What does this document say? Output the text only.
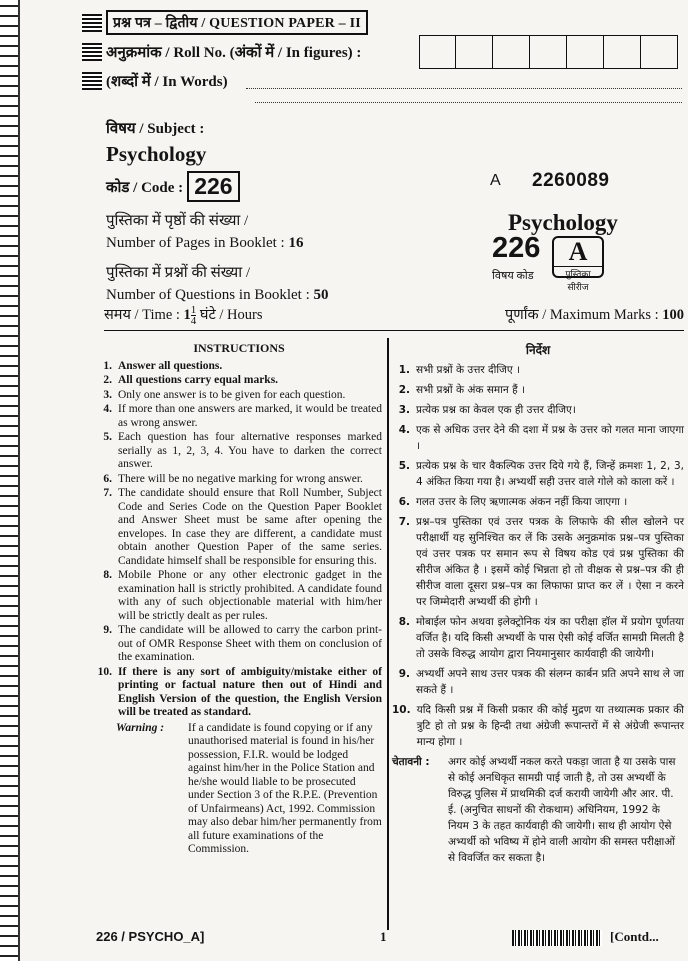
प्रश्न पत्र – द्वितीय / QUESTION PAPER – II
अनुक्रमांक / Roll No. (अंकों में / In figures) :
(शब्दों में / In Words)
विषय / Subject :
Psychology
कोड / Code : 226
पुस्तिका में पृष्ठों की संख्या /
Number of Pages in Booklet : 16
पुस्तिका में प्रश्नों की संख्या /
Number of Questions in Booklet : 50
A 2260089
Psychology
226
विषय कोड
A
पुस्तिका सीरीज
समय / Time : $1 \frac{1}{4}$ घंटे / Hours	पूर्णांक / Maximum Marks : 100
INSTRUCTIONS
1. Answer all questions.
2. All questions carry equal marks.
3. Only one answer is to be given for each question.
4. If more than one answers are marked, it would be treated as wrong answer.
5. Each question has four alternative responses marked serially as 1, 2, 3, 4. You have to darken the correct answer.
6. There will be no negative marking for wrong answer.
7. The candidate should ensure that Roll Number, Subject Code and Series Code on the Question Paper Booklet and Answer Sheet must be same after opening the envelopes. In case they are different, a candidate must obtain another Question Paper of the same series. Candidate himself shall be responsible for ensuring this.
8. Mobile Phone or any other electronic gadget in the examination hall is strictly prohibited. A candidate found with any of such objectionable material with him/her will be strictly dealt as per rules.
9. The candidate will be allowed to carry the carbon print-out of OMR Response Sheet with them on conclusion of the examination.
10. If there is any sort of ambiguity/mistake either of printing or factual nature then out of Hindi and English Version of the question, the English Version will be treated as standard.
Warning :	If a candidate is found copying or if any unauthorised material is found in his/her possession, F.I.R. would be lodged against him/her in the Police Station and he/she would liable to be prosecuted under Section 3 of the R.P.E. (Prevention of Unfairmeans) Act, 1992. Commission may also debar him/her permanently from all future examinations of the Commission.
निर्देश
1. सभी प्रश्नों के उत्तर दीजिए ।
2. सभी प्रश्नों के अंक समान हैं ।
3. प्रत्येक प्रश्न का केवल एक ही उत्तर दीजिए।
4. एक से अधिक उत्तर देने की दशा में प्रश्न के उत्तर को गलत माना जाएगा ।
5. प्रत्येक प्रश्न के चार वैकल्पिक उत्तर दिये गये हैं, जिन्हें क्रमशः 1, 2, 3, 4 अंकित किया गया है। अभ्यर्थी सही उत्तर वाले गोले को काला करें ।
6. गलत उत्तर के लिए ऋणात्मक अंकन नहीं किया जाएगा ।
7. प्रश्न–पत्र पुस्तिका एवं उत्तर पत्रक के लिफाफे की सील खोलने पर परीक्षार्थी यह सुनिश्चित कर लें कि उसके अनुक्रमांक प्रश्न–पत्र पुस्तिका एवं उत्तर पत्रक पर समान रूप से विषय कोड एवं प्रश्न पुस्तिका की सीरीज अंकित है । इसमें कोई भिन्नता हो तो वीक्षक से प्रश्न–पत्र की ही सीरीज वाला दूसरा प्रश्न–पत्र का लिफाफा प्राप्त कर लें । ऐसा न करने पर जिम्मेदारी अभ्यर्थी की होगी ।
8. मोबाईल फोन अथवा इलेक्ट्रोनिक यंत्र का परीक्षा हॉल में प्रयोग पूर्णतया वर्जित है। यदि किसी अभ्यर्थी के पास ऐसी कोई वर्जित सामग्री मिलती है तो उसके विरुद्ध आयोग द्वारा नियमानुसार कार्यवाही की जायेगी।
9. अभ्यर्थी अपने साथ उत्तर पत्रक की संलग्न कार्बन प्रति अपने साथ ले जा सकते हैं ।
10. यदि किसी प्रश्न में किसी प्रकार की कोई मुद्रण या तथ्यात्मक प्रकार की त्रुटि हो तो प्रश्न के हिन्दी तथा अंग्रेजी रूपान्तरों में से अंग्रेजी रूपान्तर मान्य होगा ।
चेतावनी :	अगर कोई अभ्यर्थी नकल करते पकड़ा जाता है या उसके पास से कोई अनधिकृत सामग्री पाई जाती है, तो उस अभ्यर्थी के विरुद्ध पुलिस में प्राथमिकी दर्ज करायी जायेगी और आर. पी. ई. (अनुचित साधनों की रोकथाम) अधिनियम, 1992 के नियम 3 के तहत कार्यवाही की जायेगी। साथ ही आयोग ऐसे अभ्यर्थी को भविष्य में होने वाली आयोग की समस्त परीक्षाओं से विवर्जित कर सकता है।
226 / PSYCHO_A]	1	[Contd...
